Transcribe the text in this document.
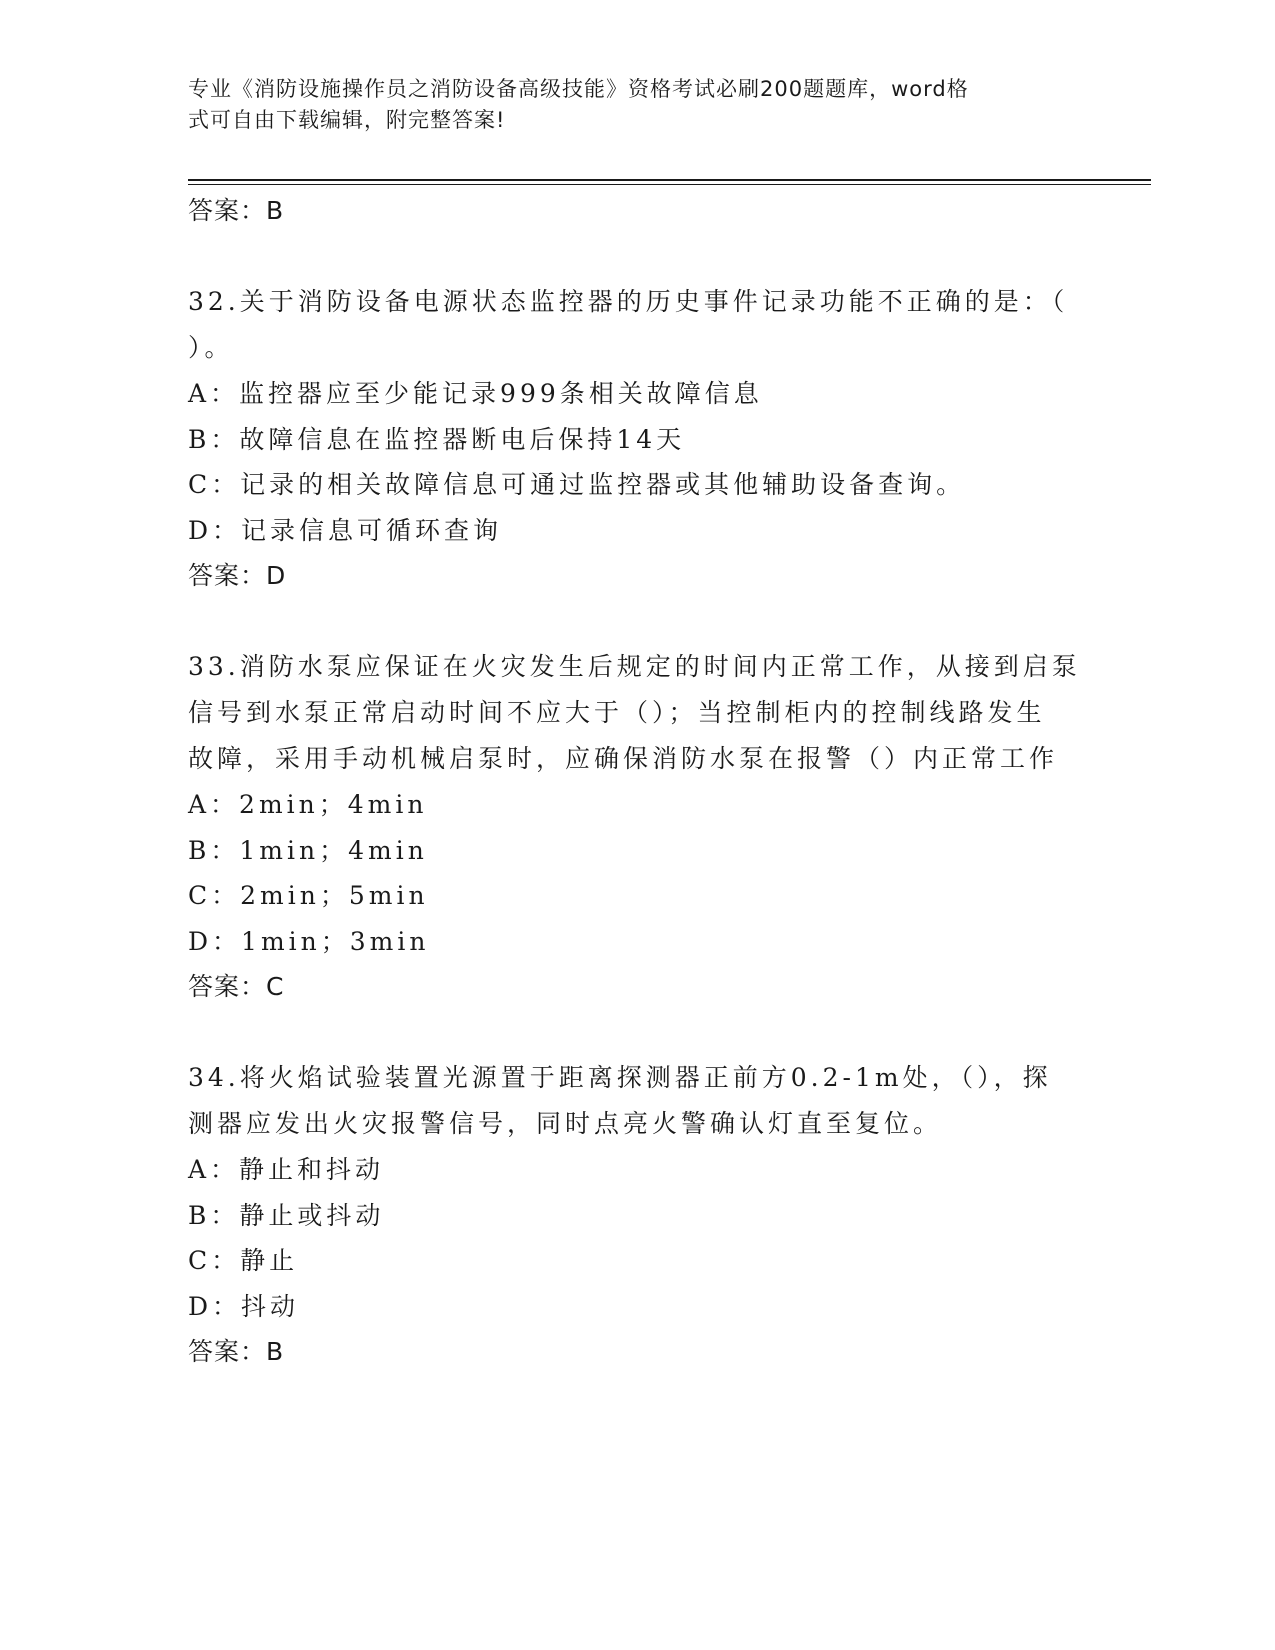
专业《消防设施操作员之消防设备高级技能》资格考试必刷200题题库，word格
式可自由下载编辑，附完整答案!
答案：B
32.关于消防设备电源状态监控器的历史事件记录功能不正确的是：（
）。
A：监控器应至少能记录999条相关故障信息
B：故障信息在监控器断电后保持14天
C：记录的相关故障信息可通过监控器或其他辅助设备查询。
D：记录信息可循环查询
答案：D
33.消防水泵应保证在火灾发生后规定的时间内正常工作，从接到启泵
信号到水泵正常启动时间不应大于（）；当控制柜内的控制线路发生
故障，采用手动机械启泵时，应确保消防水泵在报警（）内正常工作
A：2min；4min
B：1min；4min
C：2min；5min
D：1min；3min
答案：C
34.将火焰试验装置光源置于距离探测器正前方0.2-1m处，（），探
测器应发出火灾报警信号，同时点亮火警确认灯直至复位。
A：静止和抖动
B：静止或抖动
C：静止
D：抖动
答案：B
